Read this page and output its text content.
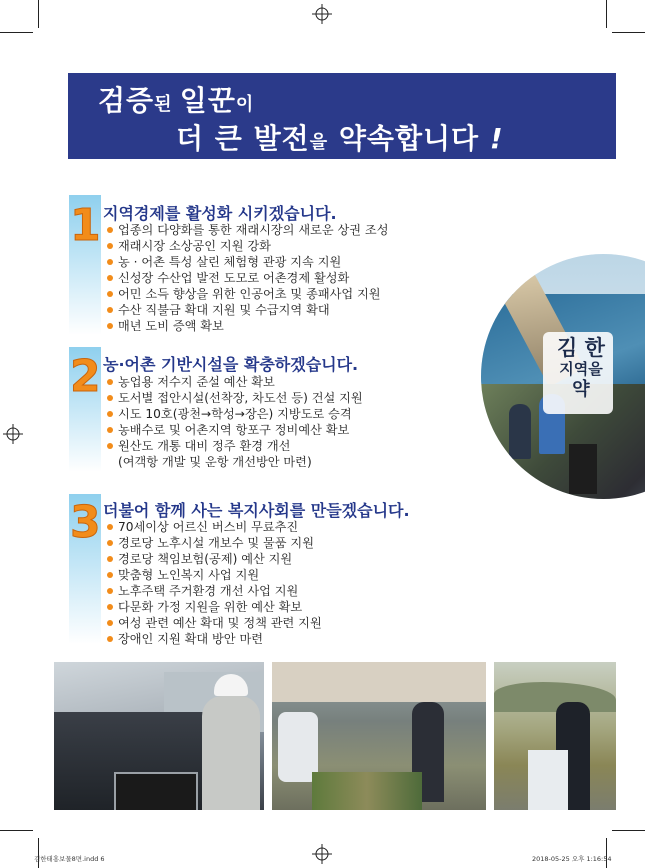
검증된 일꾼이
더 큰 발전을 약속합니다 !
1 지역경제를 활성화 시키겠습니다.
업종의 다양화를 통한 재래시장의 새로운 상권 조성
재래시장 소상공인 지원 강화
농 · 어촌 특성 살린 체험형 관광 지속 지원
신성장 수산업 발전 도모로 어촌경제 활성화
어민 소득 향상을 위한 인공어초 및 종패사업 지원
수산 직불금 확대 지원 및 수급지역 확대
매년 도비 증액 확보
2 농·어촌 기반시설을 확충하겠습니다.
농업용 저수지 준설 예산 확보
도서별 접안시설(선착장, 차도선 등) 건설 지원
시도 10호(광천→학성→장은) 지방도로 승격
농배수로 및 어촌지역 항포구 정비예산 확보
원산도 개통 대비 정주 환경 개선
(여객항 개발 및 운항 개선방안 마련)
3 더불어 함께 사는 복지사회를 만들겠습니다.
70세이상 어르신 버스비 무료추진
경로당 노후시설 개보수 및 물품 지원
경로당 책임보험(공제) 예산 지원
맞춤형 노인복지 사업 지원
노후주택 주거환경 개선 사업 지원
다문화 가정 지원을 위한 예산 확보
여성 관련 예산 확대 및 정책 관련 지원
장애인 지원 확대 방안 마련
김 한
지역을
약
김한태홍보물8면.indd 6	2018-05-25 오후 1:16:54
